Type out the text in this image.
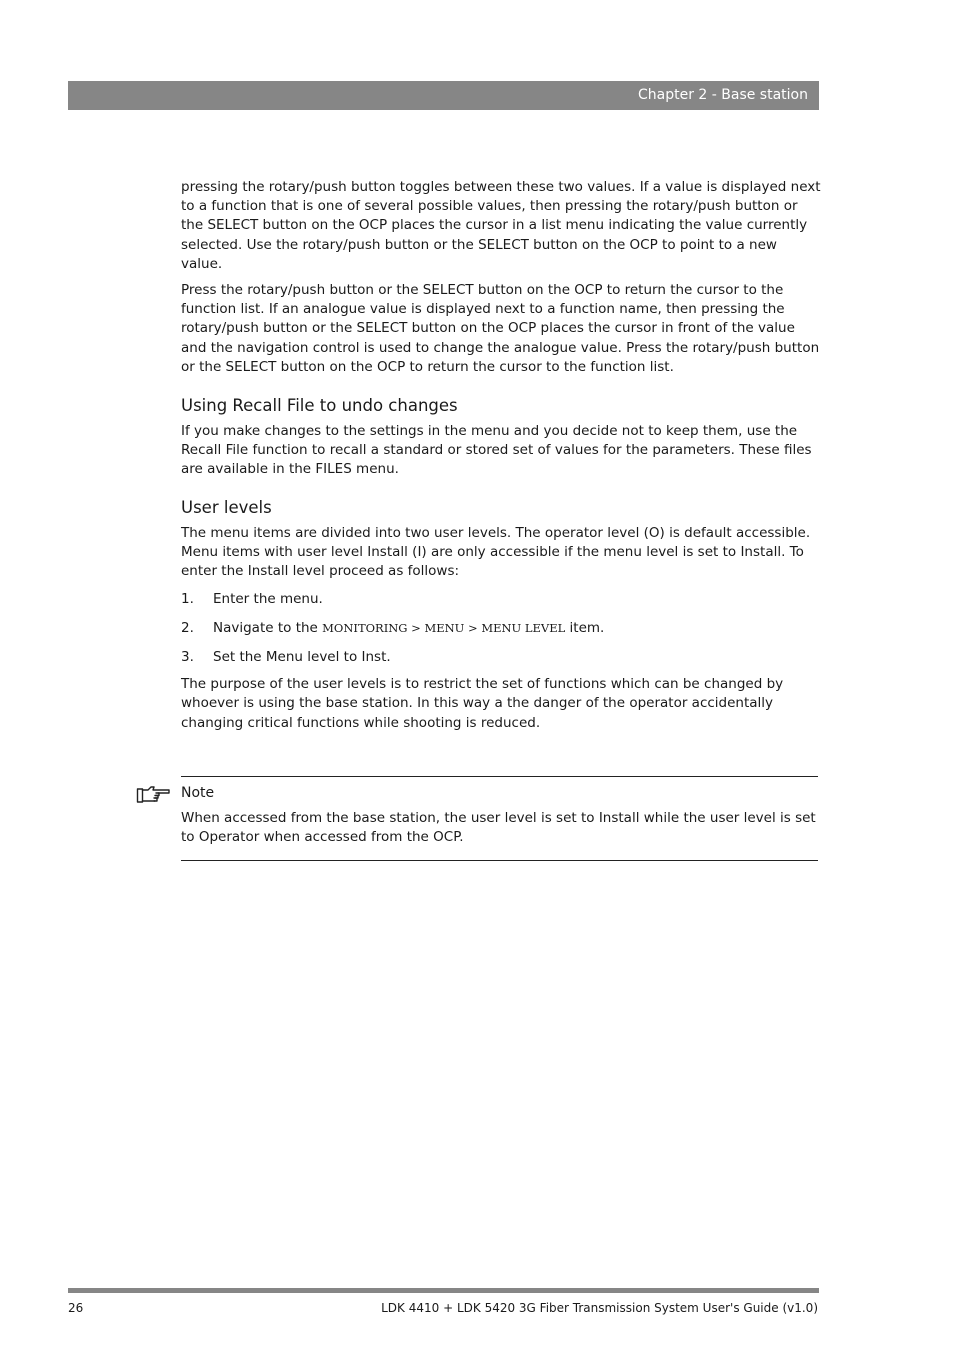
Chapter 2 - Base station

pressing the rotary/push button toggles between these two values. If a value is displayed next to a function that is one of several possible values, then pressing the rotary/push button or the SELECT button on the OCP places the cursor in a list menu indicating the value currently selected. Use the rotary/push button or the SELECT button on the OCP to point to a new value.

Press the rotary/push button or the SELECT button on the OCP to return the cursor to the function list. If an analogue value is displayed next to a function name, then pressing the rotary/push button or the SELECT button on the OCP places the cursor in front of the value and the navigation control is used to change the analogue value. Press the rotary/push button or the SELECT button on the OCP to return the cursor to the function list.

Using Recall File to undo changes

If you make changes to the settings in the menu and you decide not to keep them, use the Recall File function to recall a standard or stored set of values for the parameters. These files are available in the FILES menu.

User levels

The menu items are divided into two user levels. The operator level (O) is default accessible. Menu items with user level Install (I) are only accessible if the menu level is set to Install. To enter the Install level proceed as follows:

1. Enter the menu.
2. Navigate to the MONITORING > MENU > MENU LEVEL item.
3. Set the Menu level to Inst.

The purpose of the user levels is to restrict the set of functions which can be changed by whoever is using the base station. In this way a the danger of the operator accidentally changing critical functions while shooting is reduced.

Note

When accessed from the base station, the user level is set to Install while the user level is set to Operator when accessed from the OCP.

26	LDK 4410 + LDK 5420 3G Fiber Transmission System User's Guide (v1.0)
